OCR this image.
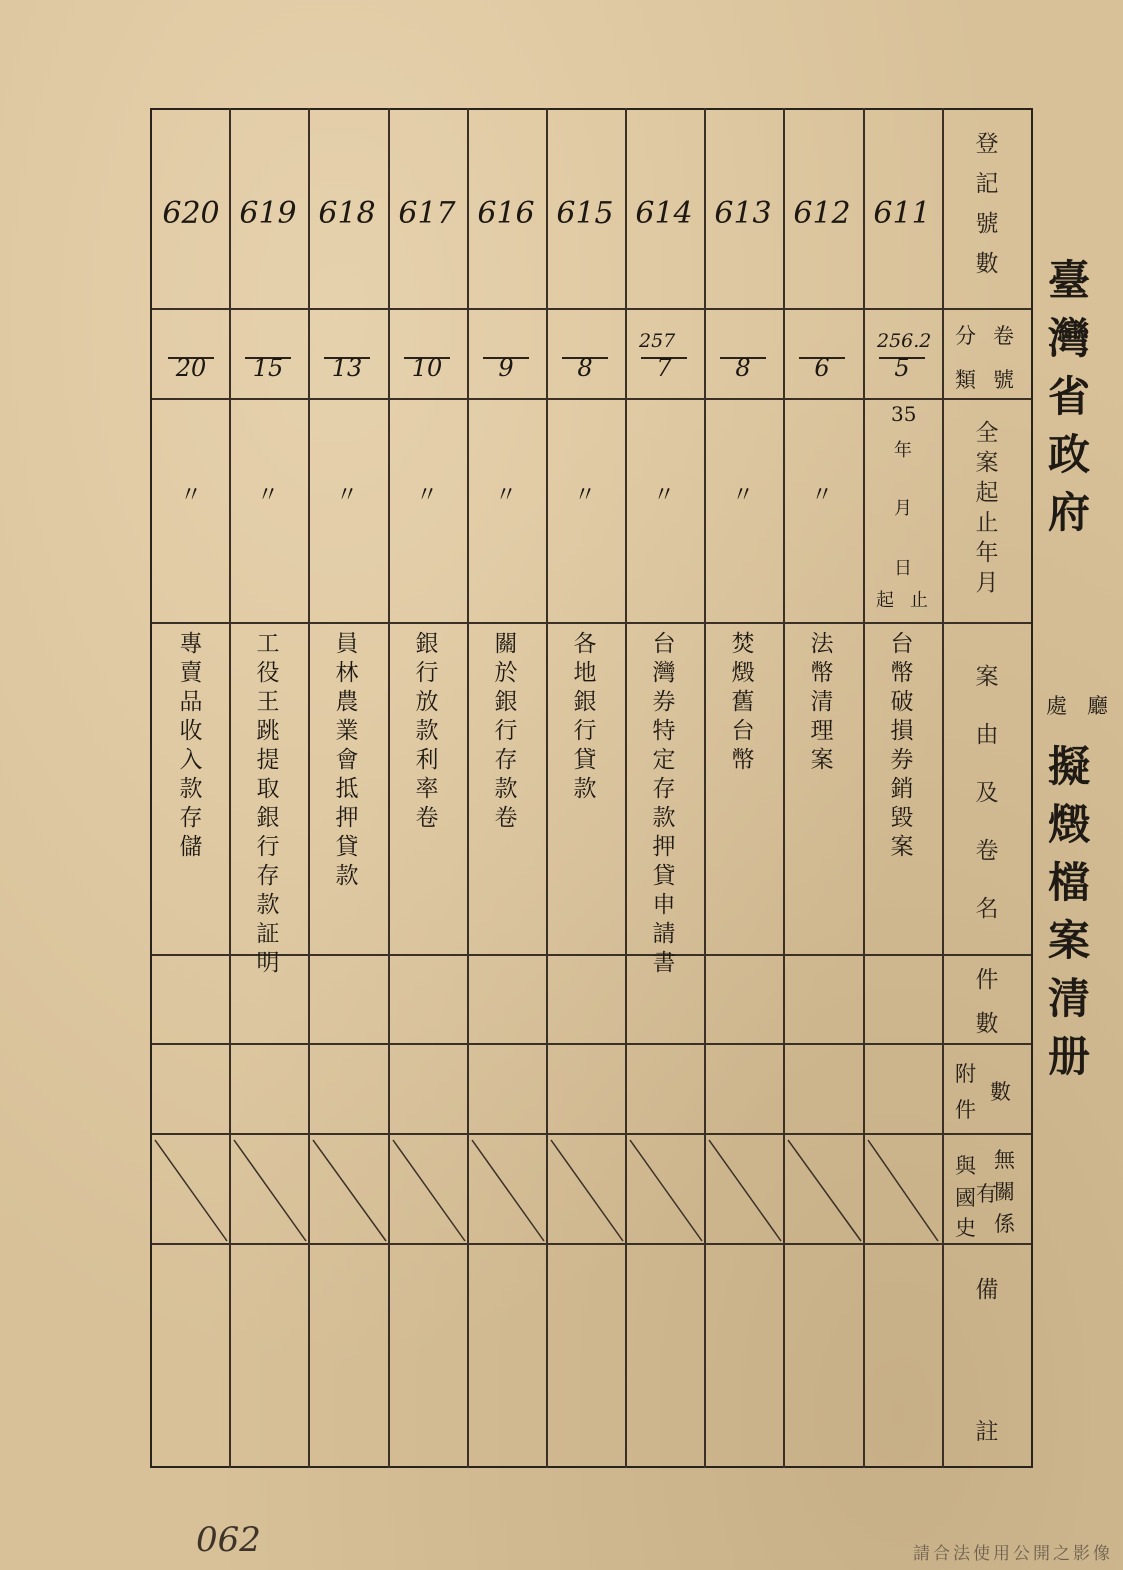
臺灣省政府
廳
處
擬燬檔案清册
登記號數
卷
分
號
類
全案起止年月
案由及卷名
件數
附
件
數
無
關
係
有
與
國
史
備
註
35
年
月
日
起 止
611
256.2
5
台幣破損券銷毀案
612
6
〃
法幣清理案
613
8
〃
焚燬舊台幣
614
257
7
〃
台灣券特定存款押貸申請書
615
8
〃
各地銀行貸款
616
9
〃
關於銀行存款卷
617
10
〃
銀行放款利率卷
618
13
〃
員林農業會抵押貸款
619
15
〃
工役王跳提取銀行存款証明
620
20
〃
專賣品收入款存儲
062	請合法使用公開之影像
